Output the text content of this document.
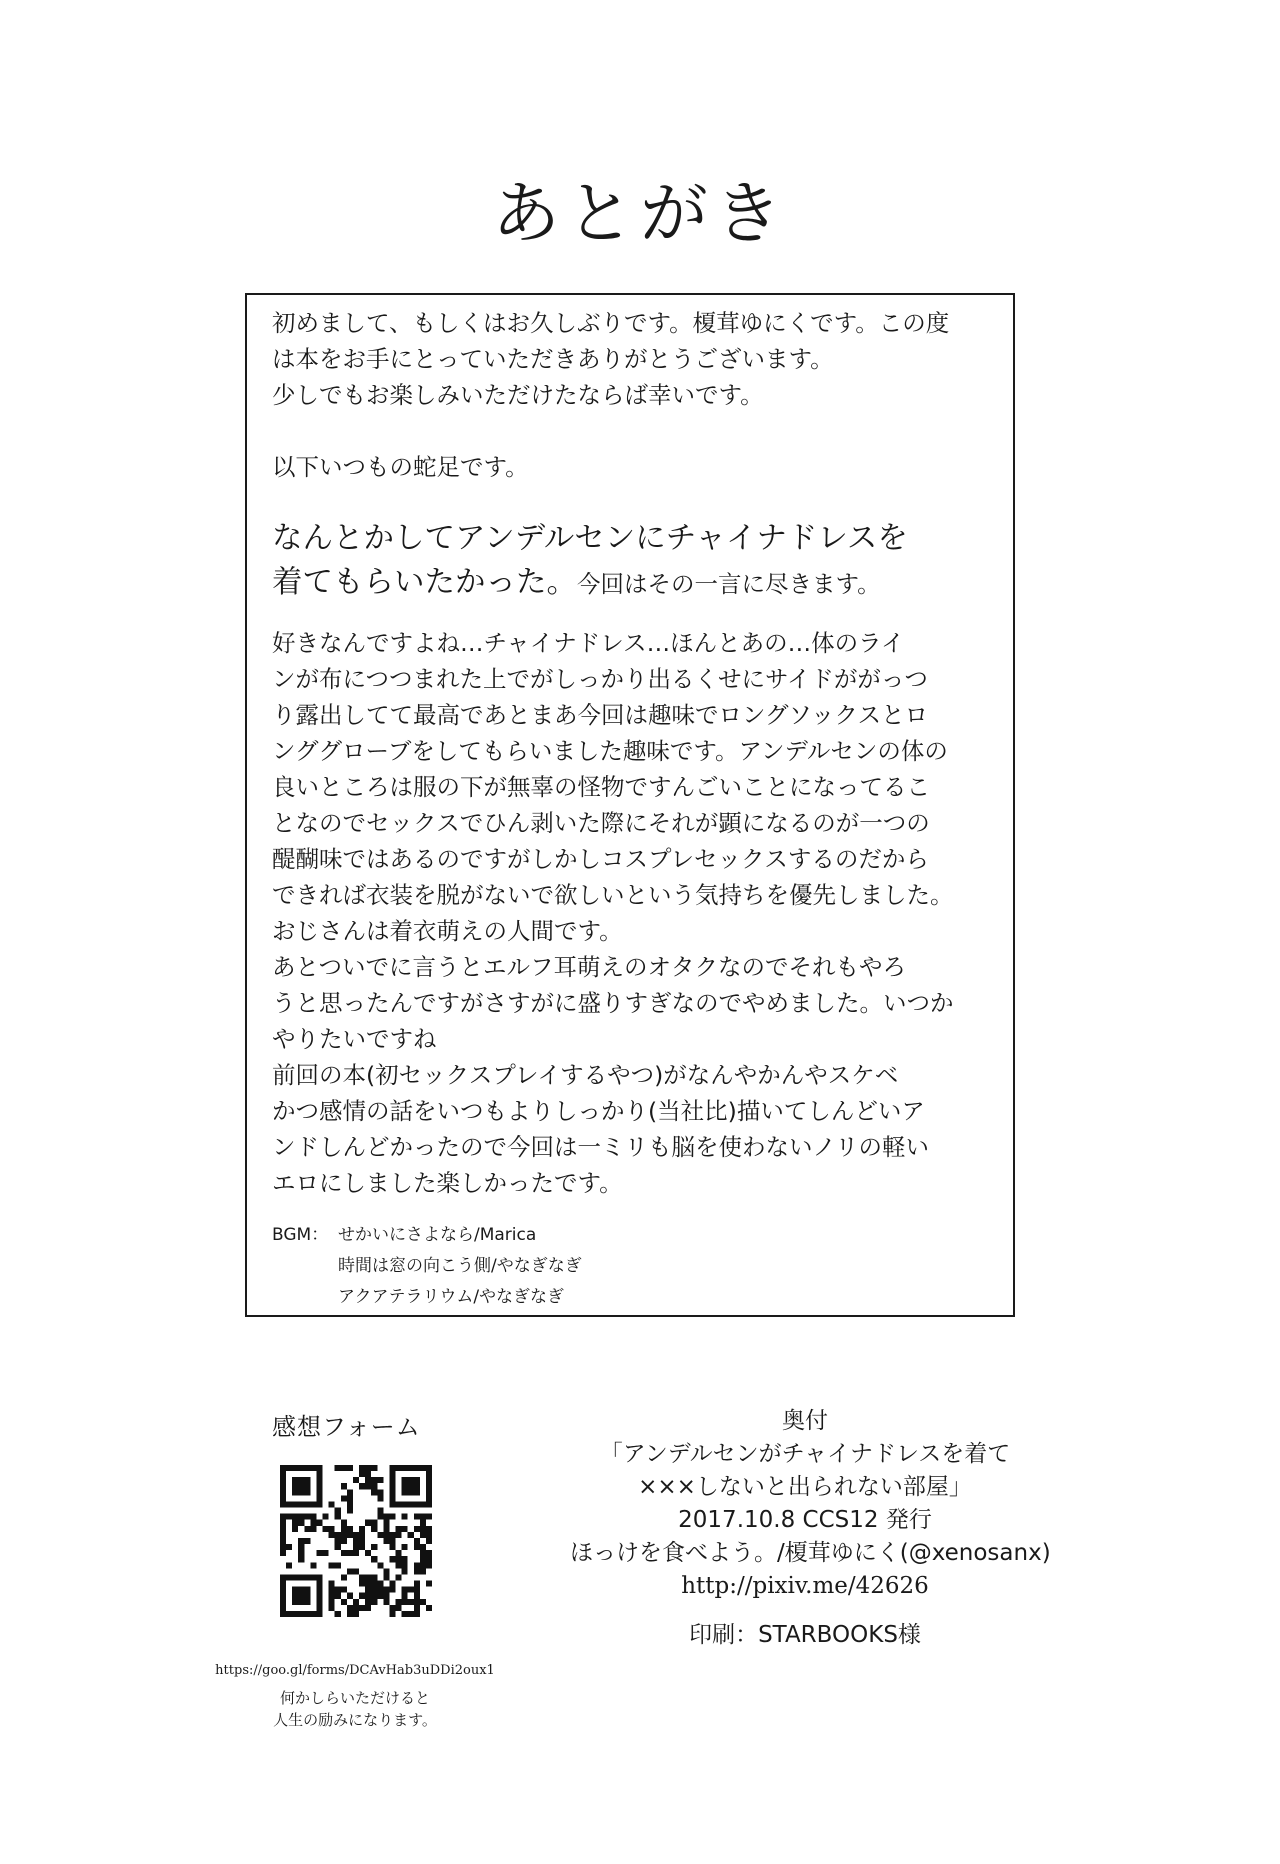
あとがき

初めまして、もしくはお久しぶりです。榎茸ゆにくです。この度

は本をお手にとっていただきありがとうございます。

少しでもお楽しみいただけたならば幸いです。

以下いつもの蛇足です。

なんとかしてアンデルセンにチャイナドレスを

着てもらいたかった。今回はその一言に尽きます。

好きなんですよね…チャイナドレス…ほんとあの…体のライ

ンが布につつまれた上でがしっかり出るくせにサイドががっつ

り露出してて最高であとまあ今回は趣味でロングソックスとロ

ンググローブをしてもらいました趣味です。アンデルセンの体の

良いところは服の下が無辜の怪物ですんごいことになってるこ

となのでセックスでひん剥いた際にそれが顕になるのが一つの

醍醐味ではあるのですがしかしコスプレセックスするのだから

できれば衣装を脱がないで欲しいという気持ちを優先しました。

おじさんは着衣萌えの人間です。

あとついでに言うとエルフ耳萌えのオタクなのでそれもやろ

うと思ったんですがさすがに盛りすぎなのでやめました。いつか

やりたいですね

前回の本(初セックスプレイするやつ)がなんやかんやスケベ

かつ感情の話をいつもよりしっかり(当社比)描いてしんどいア

ンドしんどかったので今回は一ミリも脳を使わないノリの軽い

エロにしました楽しかったです。

BGM： せかいにさよなら/Marica
時間は窓の向こう側/やなぎなぎ
アクアテラリウム/やなぎなぎ
感想フォーム
https://goo.gl/forms/DCAvHab3uDDi2oux1
何かしらいただけると
人生の励みになります。
奥付
「アンデルセンがチャイナドレスを着て
×××しないと出られない部屋」
2017.10.8 CCS12 発行
ほっけを食べよう。/榎茸ゆにく(@xenosanx)
http://pixiv.me/42626
印刷：STARBOOKS様
